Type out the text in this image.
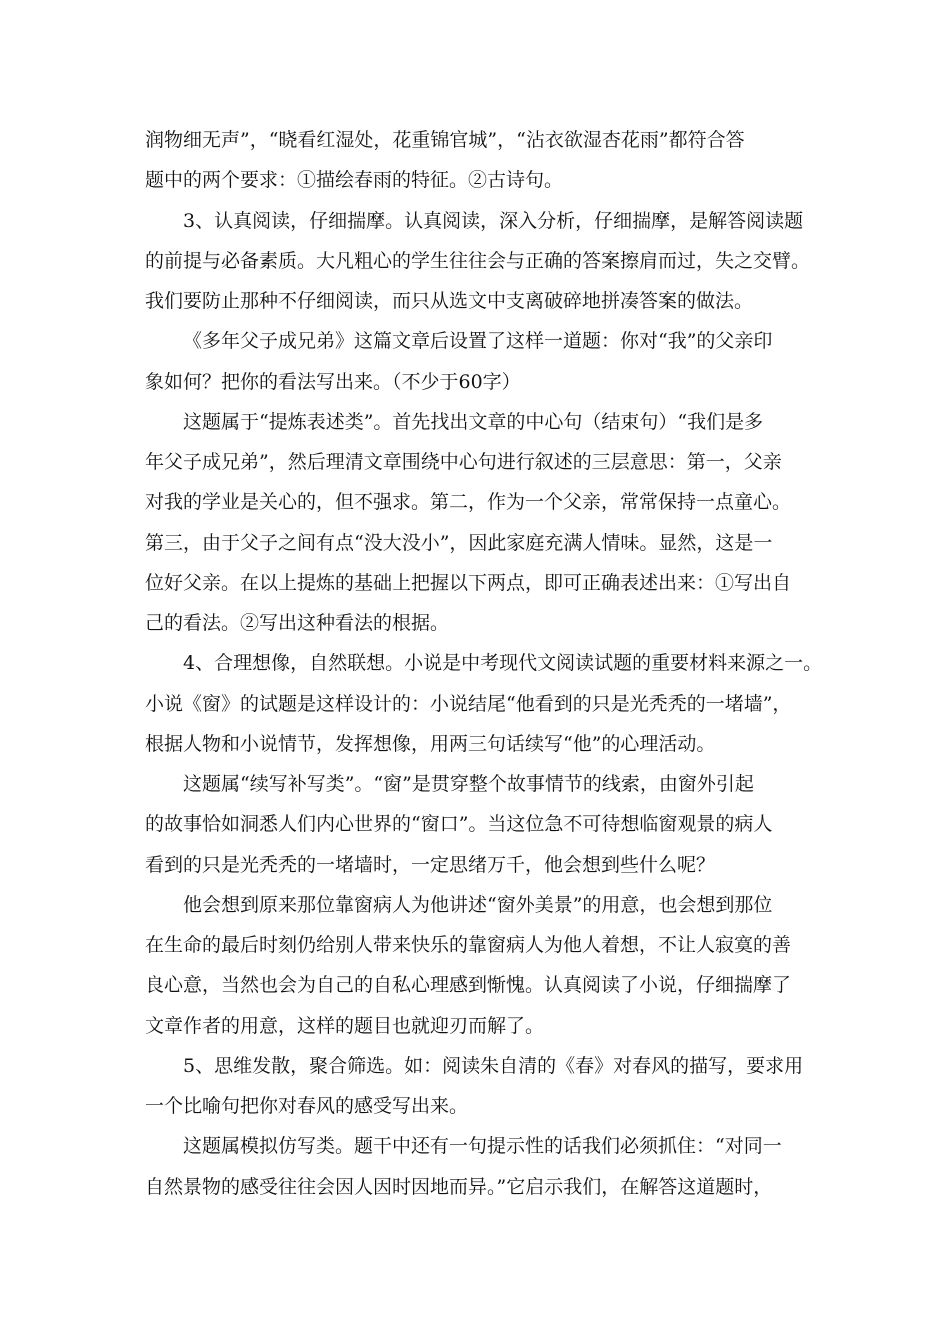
润物细无声”，“晓看红湿处，花重锦官城”，“沾衣欲湿杏花雨”都符合答
题中的两个要求：①描绘春雨的特征。②古诗句。
3、认真阅读，仔细揣摩。认真阅读，深入分析，仔细揣摩，是解答阅读题
的前提与必备素质。大凡粗心的学生往往会与正确的答案擦肩而过，失之交臂。
我们要防止那种不仔细阅读，而只从选文中支离破碎地拼凑答案的做法。
《多年父子成兄弟》这篇文章后设置了这样一道题：你对“我”的父亲印
象如何？把你的看法写出来。（不少于60字）
这题属于“提炼表述类”。首先找出文章的中心句（结束句）“我们是多
年父子成兄弟”，然后理清文章围绕中心句进行叙述的三层意思：第一，父亲
对我的学业是关心的，但不强求。第二，作为一个父亲，常常保持一点童心。
第三，由于父子之间有点“没大没小”，因此家庭充满人情味。显然，这是一
位好父亲。在以上提炼的基础上把握以下两点，即可正确表述出来：①写出自
己的看法。②写出这种看法的根据。
4、合理想像，自然联想。小说是中考现代文阅读试题的重要材料来源之一。
小说《窗》的试题是这样设计的：小说结尾“他看到的只是光秃秃的一堵墙”，
根据人物和小说情节，发挥想像，用两三句话续写“他”的心理活动。
这题属“续写补写类”。“窗”是贯穿整个故事情节的线索，由窗外引起
的故事恰如洞悉人们内心世界的“窗口”。当这位急不可待想临窗观景的病人
看到的只是光秃秃的一堵墙时，一定思绪万千，他会想到些什么呢？
他会想到原来那位靠窗病人为他讲述“窗外美景”的用意，也会想到那位
在生命的最后时刻仍给别人带来快乐的靠窗病人为他人着想，不让人寂寞的善
良心意，当然也会为自己的自私心理感到惭愧。认真阅读了小说，仔细揣摩了
文章作者的用意，这样的题目也就迎刃而解了。
5、思维发散，聚合筛选。如：阅读朱自清的《春》对春风的描写，要求用
一个比喻句把你对春风的感受写出来。
这题属模拟仿写类。题干中还有一句提示性的话我们必须抓住：“对同一
自然景物的感受往往会因人因时因地而异。”它启示我们，在解答这道题时，
